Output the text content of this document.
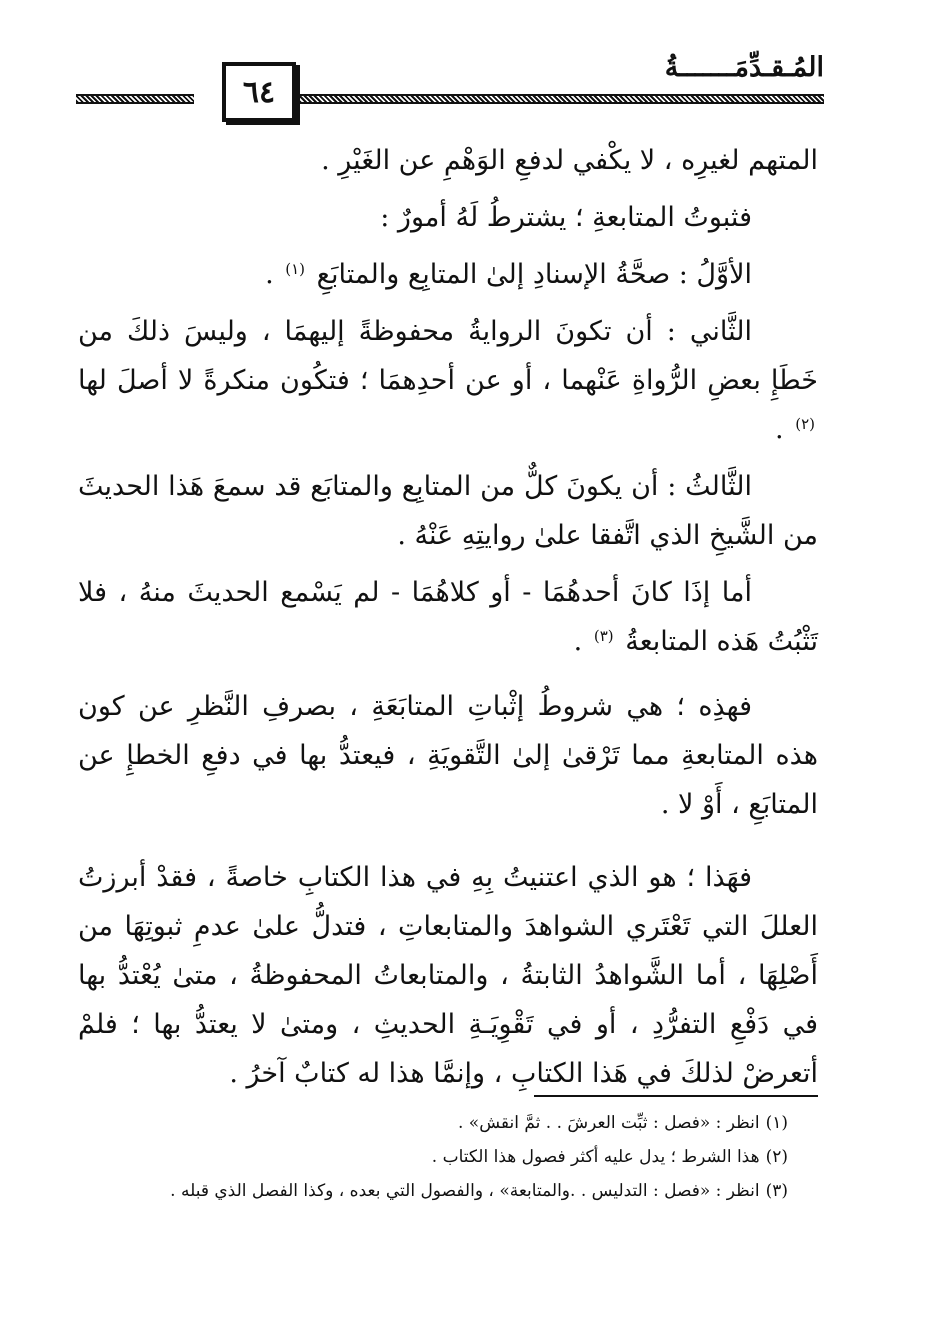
المُـقـدِّمَـــــــةُ
٦٤

المتهم لغيرِه ، لا يكْفي لدفعِ الوَهْمِ عن الغَيْرِ .

فثبوتُ المتابعةِ ؛ يشترطُ لَهُ أمورٌ :

الأوَّلُ : صحَّةُ الإسنادِ إلىٰ المتابِع والمتابَعِ $^{(١)}$ .

الثَّاني : أن تكونَ الروايةُ محفوظةً إليهمَا ، وليسَ ذلكَ من خَطَإِ بعضِ الرُّواةِ عَنْهما ، أو عن أحدِهمَا ؛ فتكُون منكرةً لا أصلَ لها $^{(٢)}$ .

الثَّالثُ : أن يكونَ كلٌّ من المتابِع والمتابَع قد سمعَ هَذا الحديثَ من الشَّيخِ الذي اتَّفقا علىٰ روايتِهِ عَنْهُ .

أما إذَا كانَ أحدهُمَا - أو كلاهُمَا - لم يَسْمع الحديثَ منهُ ، فلا تَثْبُتُ هَذه المتابعةُ $^{(٣)}$ .

فهذِه ؛ هي شروطُ إثْباتِ المتابَعَةِ ، بصرفِ النَّظرِ عن كون هذه المتابعةِ مما تَرْقىٰ إلىٰ التَّقويَةِ ، فيعتدُّ بها في دفعِ الخطإِ عن المتابَعِ ، أَوْ لا .

فهَذا ؛ هو الذي اعتنيتُ بِهِ في هذا الكتابِ خاصةً ، فقدْ أبرزتُ العللَ التي تَعْتَري الشواهدَ والمتابعاتِ ، فتدلُّ علىٰ عدمِ ثبوتِهَا من أَصْلِهَا ، أما الشَّواهدُ الثابتةُ ، والمتابعاتُ المحفوظةُ ، متىٰ يُعْتدُّ بها في دَفْعِ التفرُّدِ ، أو في تَقْوِيَـةِ الحديثِ ، ومتىٰ لا يعتدُّ بها ؛ فلمْ أتعرضْ لذلكَ في هَذا الكتابِ ، وإنمَّا هذا له كتابٌ آخرُ .

(١)انظر : «فصل : ثبِّت العرشَ . . ثمَّ انقش» .

(٢)هذا الشرط ؛ يدل عليه أكثر فصول هذا الكتاب .

(٣)انظر : «فصل : التدليس . .والمتابعة» ، والفصول التي بعده ، وكذا الفصل الذي قبله .
